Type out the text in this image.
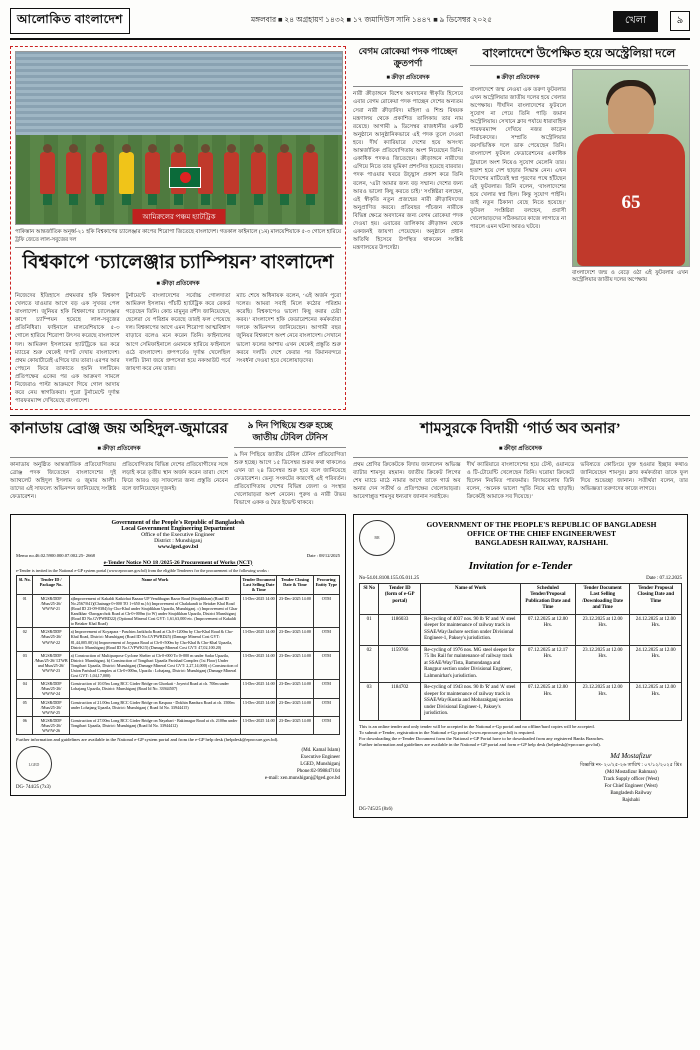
আলোকিত বাংলাদেশ	মঙ্গলবার ■ ২৪ অগ্রহায়ণ ১৪৩২ ■ ১৭ জমাদিউস সানি ১৪৪৭ ■ ৯ ডিসেম্বর ২০২৫	খেলা	৯
আমিরুলের পঞ্চম হ্যাটট্রিক
পাকিস্তান আন্তর্জাতিক অনূর্ধ্ব-২১ হকি বিশ্বকাপের চ্যালেঞ্জার কাপের শিরোপা জিতেছে বাংলাদেশ। গতকাল ফাইনালে (১ম) মালয়েশিয়াকে ৫-৩ গোলে হারিয়ে ট্রফি জেতে লাল-সবুজের দল
বিশ্বকাপে ‘চ্যালেঞ্জার চ্যাম্পিয়ন’ বাংলাদেশ
■ ক্রীড়া প্রতিবেদক
নিজেদের ইতিহাসে প্রথমবার হকি বিশ্বকাপ খেলতে যাওয়ার আগে বড় এক সুখবর পেল বাংলাদেশ। জুনিয়র হকি বিশ্বকাপের চ্যালেঞ্জার কাপে চ্যাম্পিয়ন হয়েছে লাল-সবুজের প্রতিনিধিরা। ফাইনালে মালয়েশিয়াকে ৫-৩ গোলে হারিয়ে শিরোপা উৎসব করেছে বাংলাদেশ দল। আমিরুল ইসলামের হ্যাটট্রিকে ভর করে ম্যাচের শুরু থেকেই দাপট দেখায় বাংলাদেশ। প্রথম কোয়ার্টারেই এগিয়ে যায় তারা। এরপর আর পেছনে ফিরে তাকাতে হয়নি দলটিকে। প্রতিপক্ষের একের পর এক আক্রমণ সামলে নিজেরাও পাল্টা আক্রমণে গিয়ে গোল আদায় করে নেয় স্বাগতিকরা। পুরো টুর্নামেন্টে দুর্দান্ত পারফরম্যান্স দেখিয়েছে বাংলাদেশ।
টুর্নামেন্টে বাংলাদেশের সর্বোচ্চ গোলদাতা আমিরুল ইসলাম। পাঁচটি হ্যাটট্রিক করে রেকর্ড গড়েছেন তিনি। কোচ মামুনুর রশীদ জানিয়েছেন, ছেলেরা যে পরিশ্রম করেছে তারই ফল পেয়েছে দল। বিশ্বকাপের আগে এমন শিরোপা আত্মবিশ্বাস বাড়াবে বলেও মনে করেন তিনি। ফাইনালের আগে সেমিফাইনালে ওমানকে হারিয়ে ফাইনালে ওঠে বাংলাদেশ। গ্রুপপর্বেও দুর্দান্ত খেলেছিল দলটি। টানা জয়ে গ্রুপসেরা হয়ে নকআউট পর্বে জায়গা করে নেয় তারা।
ম্যাচ শেষে অধিনায়ক বলেন, ‘এই অর্জন পুরো দলের। আমরা সবাই মিলে কঠোর পরিশ্রম করেছি। বিশ্বকাপেও ভালো কিছু করার চেষ্টা করব।’ বাংলাদেশ হকি ফেডারেশনের কর্মকর্তারা দলকে অভিনন্দন জানিয়েছেন। আগামী বছর জুনিয়র বিশ্বকাপে অংশ নেবে বাংলাদেশ। সেখানে ভালো ফলের আশায় এখন থেকেই প্রস্তুতি শুরু করবে দলটি। দেশে ফেরার পর বিমানবন্দরে সংবর্ধনা দেওয়া হবে খেলোয়াড়দের।
বেগম রোকেয়া পদক পাচ্ছেন ক্রুতপর্ণা
■ ক্রীড়া প্রতিবেদক
নারী ক্রীড়াঙ্গনে বিশেষ অবদানের স্বীকৃতি হিসেবে এবার বেগম রোকেয়া পদক পাচ্ছেন দেশের অন্যতম সেরা নারী ক্রীড়াবিদ। মহিলা ও শিশু বিষয়ক মন্ত্রণালয় থেকে প্রকাশিত তালিকায় তার নাম রয়েছে। আগামী ৯ ডিসেম্বর রাজধানীর একটি অনুষ্ঠানে আনুষ্ঠানিকভাবে এই পদক তুলে দেওয়া হবে। দীর্ঘ ক্যারিয়ারে দেশের হয়ে অসংখ্য আন্তর্জাতিক প্রতিযোগিতায় অংশ নিয়েছেন তিনি। একাধিক পদকও জিতেছেন। ক্রীড়াঙ্গনে নারীদের এগিয়ে নিতে তার ভূমিকা প্রশংসিত হয়েছে বারবার। পদক পাওয়ার খবরে উচ্ছ্বাস প্রকাশ করে তিনি বলেন, ‘এটা আমার জন্য বড় সম্মান। দেশের জন্য আরও ভালো কিছু করতে চাই।’ সংশ্লিষ্টরা বলছেন, এই স্বীকৃতি নতুন প্রজন্মের নারী ক্রীড়াবিদদের অনুপ্রাণিত করবে। প্রতিবছর পাঁচজন নারীকে বিভিন্ন ক্ষেত্রে অবদানের জন্য বেগম রোকেয়া পদক দেওয়া হয়। এবারের তালিকায় ক্রীড়াঙ্গন থেকে একজনই জায়গা পেয়েছেন। অনুষ্ঠানে প্রধান অতিথি হিসেবে উপস্থিত থাকবেন সংশ্লিষ্ট মন্ত্রণালয়ের উপদেষ্টা।
বাংলাদেশে উপেক্ষিত হয়ে অস্ট্রেলিয়া দলে
■ ক্রীড়া প্রতিবেদক
বাংলাদেশে জন্ম নেওয়া এক তরুণ ফুটবলার এখন অস্ট্রেলিয়ার জাতীয় দলের হয়ে খেলার অপেক্ষায়। দীর্ঘদিন বাংলাদেশের ফুটবলে সুযোগ না পেয়ে তিনি পাড়ি জমান অস্ট্রেলিয়ায়। সেখানে ক্লাব পর্যায়ে ধারাবাহিক পারফরম্যান্স দেখিয়ে নজর কাড়েন নির্বাচকদের। সম্প্রতি অস্ট্রেলিয়ার বয়সভিত্তিক দলে ডাক পেয়েছেন তিনি। বাংলাদেশ ফুটবল ফেডারেশনের একাধিক ট্রায়ালে অংশ নিয়েও সুযোগ মেলেনি তার। হতাশ হয়ে দেশ ছাড়ার সিদ্ধান্ত নেন। এখন বিদেশের মাটিতেই স্বপ্ন পূরণের পথে হাঁটছেন এই ফুটবলার। তিনি বলেন, ‘বাংলাদেশের হয়ে খেলার স্বপ্ন ছিল। কিন্তু সুযোগ পাইনি। তাই নতুন ঠিকানা বেছে নিতে হয়েছে।’ ফুটবল সংশ্লিষ্টরা বলছেন, প্রবাসী খেলোয়াড়দের সঠিকভাবে কাজে লাগাতে না পারলে এমন ঘটনা আরও ঘটবে।
65
বাংলাদেশে জন্ম ও বেড়ে ওঠা এই ফুটবলার এখন অস্ট্রেলিয়ার জাতীয় দলের অপেক্ষায়
কানাডায় ব্রোঞ্জ জয় অহিদুল-জুমারের
■ ক্রীড়া প্রতিবেদক
কানাডায় অনুষ্ঠিত আন্তর্জাতিক প্রতিযোগিতায় ব্রোঞ্জ পদক জিতেছেন বাংলাদেশের দুই অ্যাথলেট অহিদুল ইসলাম ও জুমার আলী। তাদের এই সাফল্যে অভিনন্দন জানিয়েছে সংশ্লিষ্ট ফেডারেশন।
প্রতিযোগিতায় বিভিন্ন দেশের প্রতিযোগীদের সঙ্গে লড়াই করে তৃতীয় স্থান অর্জন করেন তারা। দেশে ফিরে আরও বড় সাফল্যের জন্য প্রস্তুতি নেবেন বলে জানিয়েছেন দুজনই।
৯ দিন পিছিয়ে শুরু হচ্ছে জাতীয় টেবিল টেনিস
৯ দিন পিছিয়ে জাতীয় টেবিল টেনিস প্রতিযোগিতা শুরু হচ্ছে। আগে ১৫ ডিসেম্বর শুরুর কথা থাকলেও এখন তা ২৪ ডিসেম্বর শুরু হবে বলে জানিয়েছে ফেডারেশন। ভেন্যু সংকটের কারণেই এই পরিবর্তন। প্রতিযোগিতায় দেশের বিভিন্ন জেলা ও সংস্থার খেলোয়াড়রা অংশ নেবেন। পুরুষ ও নারী উভয় বিভাগে একক ও দ্বৈত ইভেন্ট থাকবে।
শামসুরকে বিদায়ী ‘গার্ড অব অনার’
■ ক্রীড়া প্রতিবেদক
প্রথম শ্রেণির ক্রিকেটকে বিদায় জানালেন অভিজ্ঞ ব্যাটার শামসুর রহমান। জাতীয় ক্রিকেট লিগের শেষ ম্যাচে মাঠে নামার আগে তাকে গার্ড অব অনার দেন সতীর্থ ও প্রতিপক্ষের খেলোয়াড়রা। আবেগাপ্লুত শামসুর ধন্যবাদ জানান সবাইকে।
দীর্ঘ ক্যারিয়ারে বাংলাদেশের হয়ে টেস্ট, ওয়ানডে ও টি-টোয়েন্টি খেলেছেন তিনি। ঘরোয়া ক্রিকেটে ছিলেন নিয়মিত পারফর্মার। বিদায়বেলায় তিনি বলেন, ‘অনেক ভালো স্মৃতি নিয়ে মাঠ ছাড়ছি। ক্রিকেটই আমাকে সব দিয়েছে।’
ভবিষ্যতে কোচিংয়ে যুক্ত হওয়ার ইচ্ছার কথাও জানিয়েছেন শামসুর। ক্লাব কর্মকর্তারা তাকে ফুল দিয়ে শুভেচ্ছা জানান। সতীর্থরা বলেন, তার অভিজ্ঞতা তরুণদের কাজে লাগবে।
Government of the People's Republic of Bangladesh
Local Government Engineering Department
Office of the Executive Engineer
District : Munshiganj
www.lged.gov.bd
Memo no.46.02.5900.000.07.002.25- 2668	Date : 08/12/2025
e-Tender Notice NO 18 /2025-26 Procurement of Works (NCT)
e-Tender is invited in the National e-GP system portal (www.eprocure.gov.bd) from the eligible Tenderers for the procurement of the following works :
Sl. No.	Tender ID / Package No.	Name of Work	Tender Document Last Selling Date & Time	Tender Closing Date & Time	Procuring Entity Type
01	MGSR/DDP /Mun/25-26/ WW/W-21	a)Improvement of Kakaldi Kaikirhat Bazaar UP Vendibagan Bazar Road (Sirajdikhan) (Road ID No.2567/041)(Chainage 0+000 TO 1+650 m.) b) Improvement of Chalakandi to Betaker Khal Road (Road ID 23-09-0384) by Cho-Khal under Sirajdikhan Upazila, Munshiganj. c) Improvement of Ghar Kandkhar -Darogarchok Road at Ch-0+000m (to W) under Sirajdikhan Upazila, District Munshiganj (Road ID No.GVPWRD22) (Optional Mineral Cost GVT: 1,61,63,000 etc. (Improvement of Kakaldi to Betaker Khal Road)	13-Dec-2025 14:00	23-Dec-2025 14:00	OTM
02	MGSR/DDP /Mun/25-26/ WW/W-22	a) Improvement of Koyapara - Paschim Jarikhola Road at Ch.0+1200m by Cho-Khal Road & Cho-Khal Road, District: Munshiganj (Road ID No.GVPWRD25) (Damage Mineral Cost GVT: 81,44,005.00) b) Improvement of Joypara Road at Ch-0+500m by Cho-Khal & Cho-Khal Upazila, District: Munshiganj (Road ID No.CVPWK15) (Damage Mineral Cost GVT: 47,02,100.20)	13-Dec-2025 14:00	23-Dec-2025 14:00	OTM
03	MGSR/DDP /Mun/25-26/ LTWB and Mun/25-26/ WW/W-23	a) Construction of Multipurpose Cyclone Shelter at Ch-0+000 To 0+000 m under Sadar Upazila, District: Munshiganj. b) Construction of Tongibari Upazila Parishad Complex (1st Floor) Under Tongibari Upazila, District: Munshiganj (Damage Mineral Cost GVT: 2,27,14,000) c) Construction of Union Parishad Complex at Ch-0+000m, Upazila : Lohajang, District: Munshiganj (Damage Mineral Cost GVT: 1,04,17,000)	13-Dec-2025 14:00	23-Dec-2025 14:00	OTM
04	MGSR/DDP /Mun/25-26/ WW/W-24	Construction of 10.05m Long BCC Girder Bridge on Ghorkati - Joyerid Road at ch. 700m under Lohajang Upazila, District: Munshiganj (Road Id No. 33944507)	13-Dec-2025 14:00	23-Dec-2025 14:00	OTM
05	MGSR/DDP /Mun/25-26/ WW/W-25	Construction of 21.00m Long BCC Girder Bridge on Kaspara - Dokhin Bandura Road at ch. 1500m under Lohajang Upazila, District: Munshiganj ( Road Id No. 33944415)	13-Dec-2025 14:00	23-Dec-2025 14:00	OTM
06	MGSR/DDP /Mun/25-26/ WW/W-26	Construction of 27.00m Long BCC Girder Bridge on Nayabari - Bakirnagar Road at ch. 2100m under Tongibari Upazila, District: Munshiganj (Road Id No. 33944412)	13-Dec-2025 14:00	23-Dec-2025 14:00	OTM
Further information and guidelines are available in the National e-GP system portal and from the e-GP help desk (helpdesk@eprocure.gov.bd).
LGED
(Md. Kamal Islam)
Executive Engineer
LGED, Munshiganj
Phone:02-998847104
e-mail: xen.munshiganj@lged.gov.bd
DG- 744/25 (7x3)
BR
GOVERNMENT OF THE PEOPLE'S REPUBLIC OF BANGLADESH
OFFICE OF THE CHIEF ENGINEER/WEST
BANGLADESH RAILWAY, RAJSHAHI.
Invitation for e-Tender
No-54.01.8100.155.05.011.25	Date : 07.12.2025
Sl No	Tender ID (form of e-GP portal)	Name of Work	Scheduled Tender/Proposal Publication Date and Time	Tender Document Last Selling /Downloading Date and Time	Tender Proposal Closing Date and Time
01	1186033	Re-cycling of 4037 nos. 90 lb 'R' and 'A' steel sleeper for maintenance of railway track in SSAE/Way/Jashore section under Divisional Engineer-1, Paksey's jurisdiction.	07.12.2025 at 12.00 Hrs.	23.12.2025 at 12.00 Hrs.	24.12.2025 at 12.00 Hrs.
02	1159766	Re-cycling of 1976 nos. MG steel sleeper for 75 lbs Rail for maintenance of railway track at SSAE/Way/Tista, Bamondanga and Rangpur section under Divisional Engineer, Lalmonirhat's jurisdiction.	07.12.2025 at 12.17 Hrs.	23.12.2025 at 12.00 Hrs.	24.12.2025 at 12.00 Hrs.
03	1184702	Re-cycling of 1943 nos. 90 lb 'R' and 'A' steel sleeper for maintenance of railway track in SSAE/Way/Kustia and Mobarakganj section under Divisional Engineer-1, Paksey's jurisdiction.	07.12.2025 at 12.00 Hrs.	23.12.2025 at 12.00 Hrs.	24.12.2025 at 12.00 Hrs.
This is an online tender and only tender will be accepted in the National e-Gp portal and no offline/hard copies will be accepted.
To submit e-Tender, registration in the National e-Gp portal (www.eprocure.gov.bd) is required.
For downloading the e-Tender Document form the National e-GP Portal have to be downloaded from any registered Banks Branches.
Further information and guidelines are available in the National e-GP portal and form e-GP help desk (helpdesk@eprocure.gov.bd).
Md Mostafizur
বিজ্ঞপ্তি নং- ২০/২৫-২৬ তারিখ : ০৭/১২/২০২৫ খ্রিঃ
(Md Mostafizur Rahman)
Track Supply officer (West)
For Chief Engineer (West)
Bangladesh Railway
Rajshahi
DG-745/25 (8x6)
